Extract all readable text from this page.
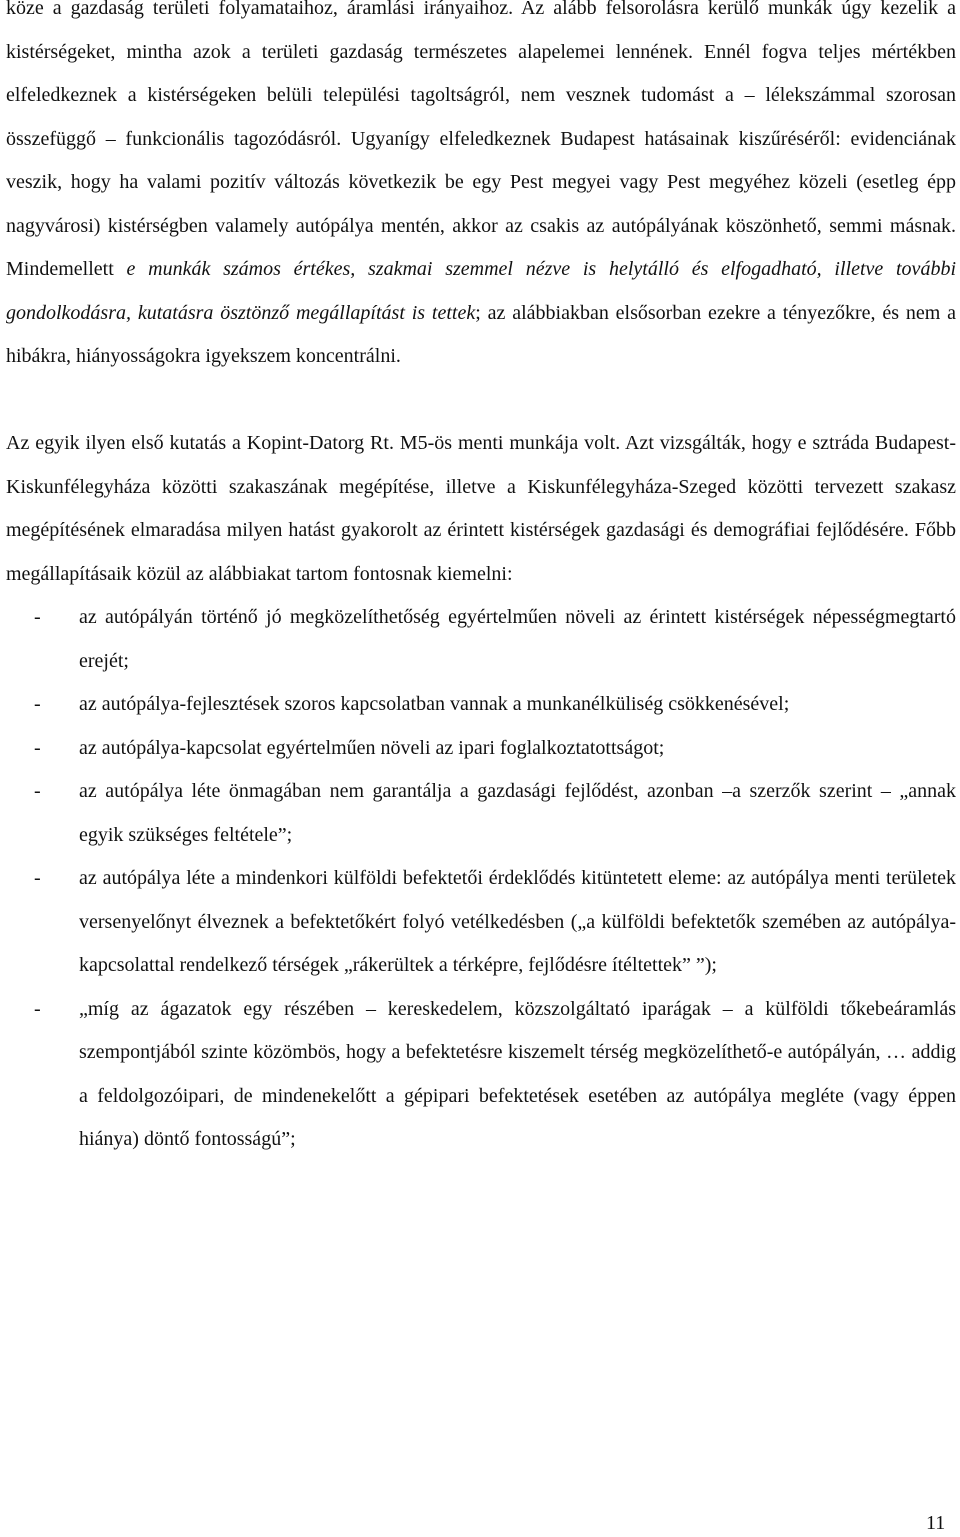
köze a gazdaság területi folyamataihoz, áramlási irányaihoz. Az alább felsorolásra kerülő munkák úgy kezelik a kistérségeket, mintha azok a területi gazdaság természetes alapelemei lennének. Ennél fogva teljes mértékben elfeledkeznek a kistérségeken belüli települési tagoltságról, nem vesznek tudomást a – lélekszámmal szorosan összefüggő – funkcionális tagozódásról. Ugyanígy elfeledkeznek Budapest hatásainak kiszűréséről: evidenciának veszik, hogy ha valami pozitív változás következik be egy Pest megyei vagy Pest megyéhez közeli (esetleg épp nagyvárosi) kistérségben valamely autópálya mentén, akkor az csakis az autópályának köszönhető, semmi másnak. Mindemellett e munkák számos értékes, szakmai szemmel nézve is helytálló és elfogadható, illetve további gondolkodásra, kutatásra ösztönző megállapítást is tettek; az alábbiakban elsősorban ezekre a tényezőkre, és nem a hibákra, hiányosságokra igyekszem koncentrálni.

Az egyik ilyen első kutatás a Kopint-Datorg Rt. M5-ös menti munkája volt. Azt vizsgálták, hogy e sztráda Budapest-Kiskunfélegyháza közötti szakaszának megépítése, illetve a Kiskunfélegyháza-Szeged közötti tervezett szakasz megépítésének elmaradása milyen hatást gyakorolt az érintett kistérségek gazdasági és demográfiai fejlődésére. Főbb megállapításaik közül az alábbiakat tartom fontosnak kiemelni:

- az autópályán történő jó megközelíthetőség egyértelműen növeli az érintett kistérségek népességmegtartó erejét;
- az autópálya-fejlesztések szoros kapcsolatban vannak a munkanélküliség csökkenésével;
- az autópálya-kapcsolat egyértelműen növeli az ipari foglalkoztatottságot;
- az autópálya léte önmagában nem garantálja a gazdasági fejlődést, azonban –a szerzők szerint – „annak egyik szükséges feltétele”;
- az autópálya léte a mindenkori külföldi befektetői érdeklődés kitüntetett eleme: az autópálya menti területek versenyelőnyt élveznek a befektetőkért folyó vetélkedésben („a külföldi befektetők szemében az autópálya-kapcsolattal rendelkező térségek „rákerültek a térképre, fejlődésre ítéltettek” ”);
- „míg az ágazatok egy részében – kereskedelem, közszolgáltató iparágak – a külföldi tőkebeáramlás szempontjából szinte közömbös, hogy a befektetésre kiszemelt térség megközelíthető-e autópályán, … addig a feldolgozóipari, de mindenekelőtt a gépipari befektetések esetében az autópálya megléte (vagy éppen hiánya) döntő fontosságú”;
11
